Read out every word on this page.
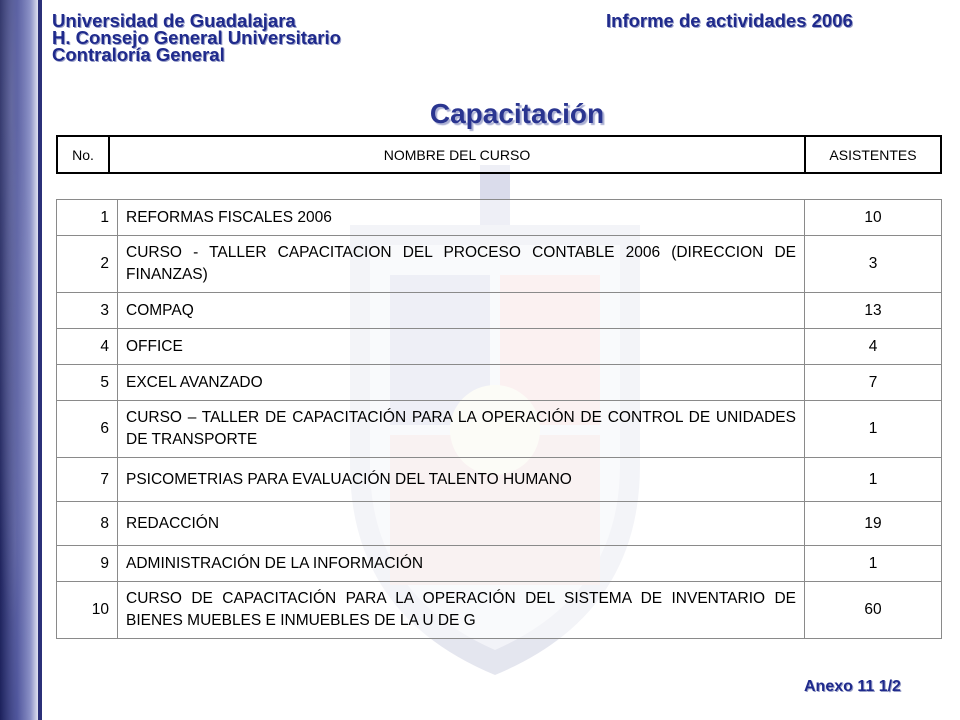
Universidad de Guadalajara
H. Consejo General Universitario
Contraloría General
Informe de actividades 2006
Capacitación
No.	NOMBRE DEL CURSO	ASISTENTES
1	REFORMAS FISCALES 2006	10
2	CURSO - TALLER CAPACITACION DEL PROCESO CONTABLE 2006 (DIRECCION DE FINANZAS)	3
3	COMPAQ	13
4	OFFICE	4
5	EXCEL AVANZADO	7
6	CURSO – TALLER DE CAPACITACIÓN PARA LA OPERACIÓN DE CONTROL DE UNIDADES DE TRANSPORTE	1
7	PSICOMETRIAS PARA EVALUACIÓN DEL TALENTO HUMANO	1
8	REDACCIÓN	19
9	ADMINISTRACIÓN DE LA INFORMACIÓN	1
10	CURSO DE CAPACITACIÓN PARA LA OPERACIÓN DEL SISTEMA DE INVENTARIO DE BIENES MUEBLES E INMUEBLES DE LA U DE G	60
Anexo 11 1/2
